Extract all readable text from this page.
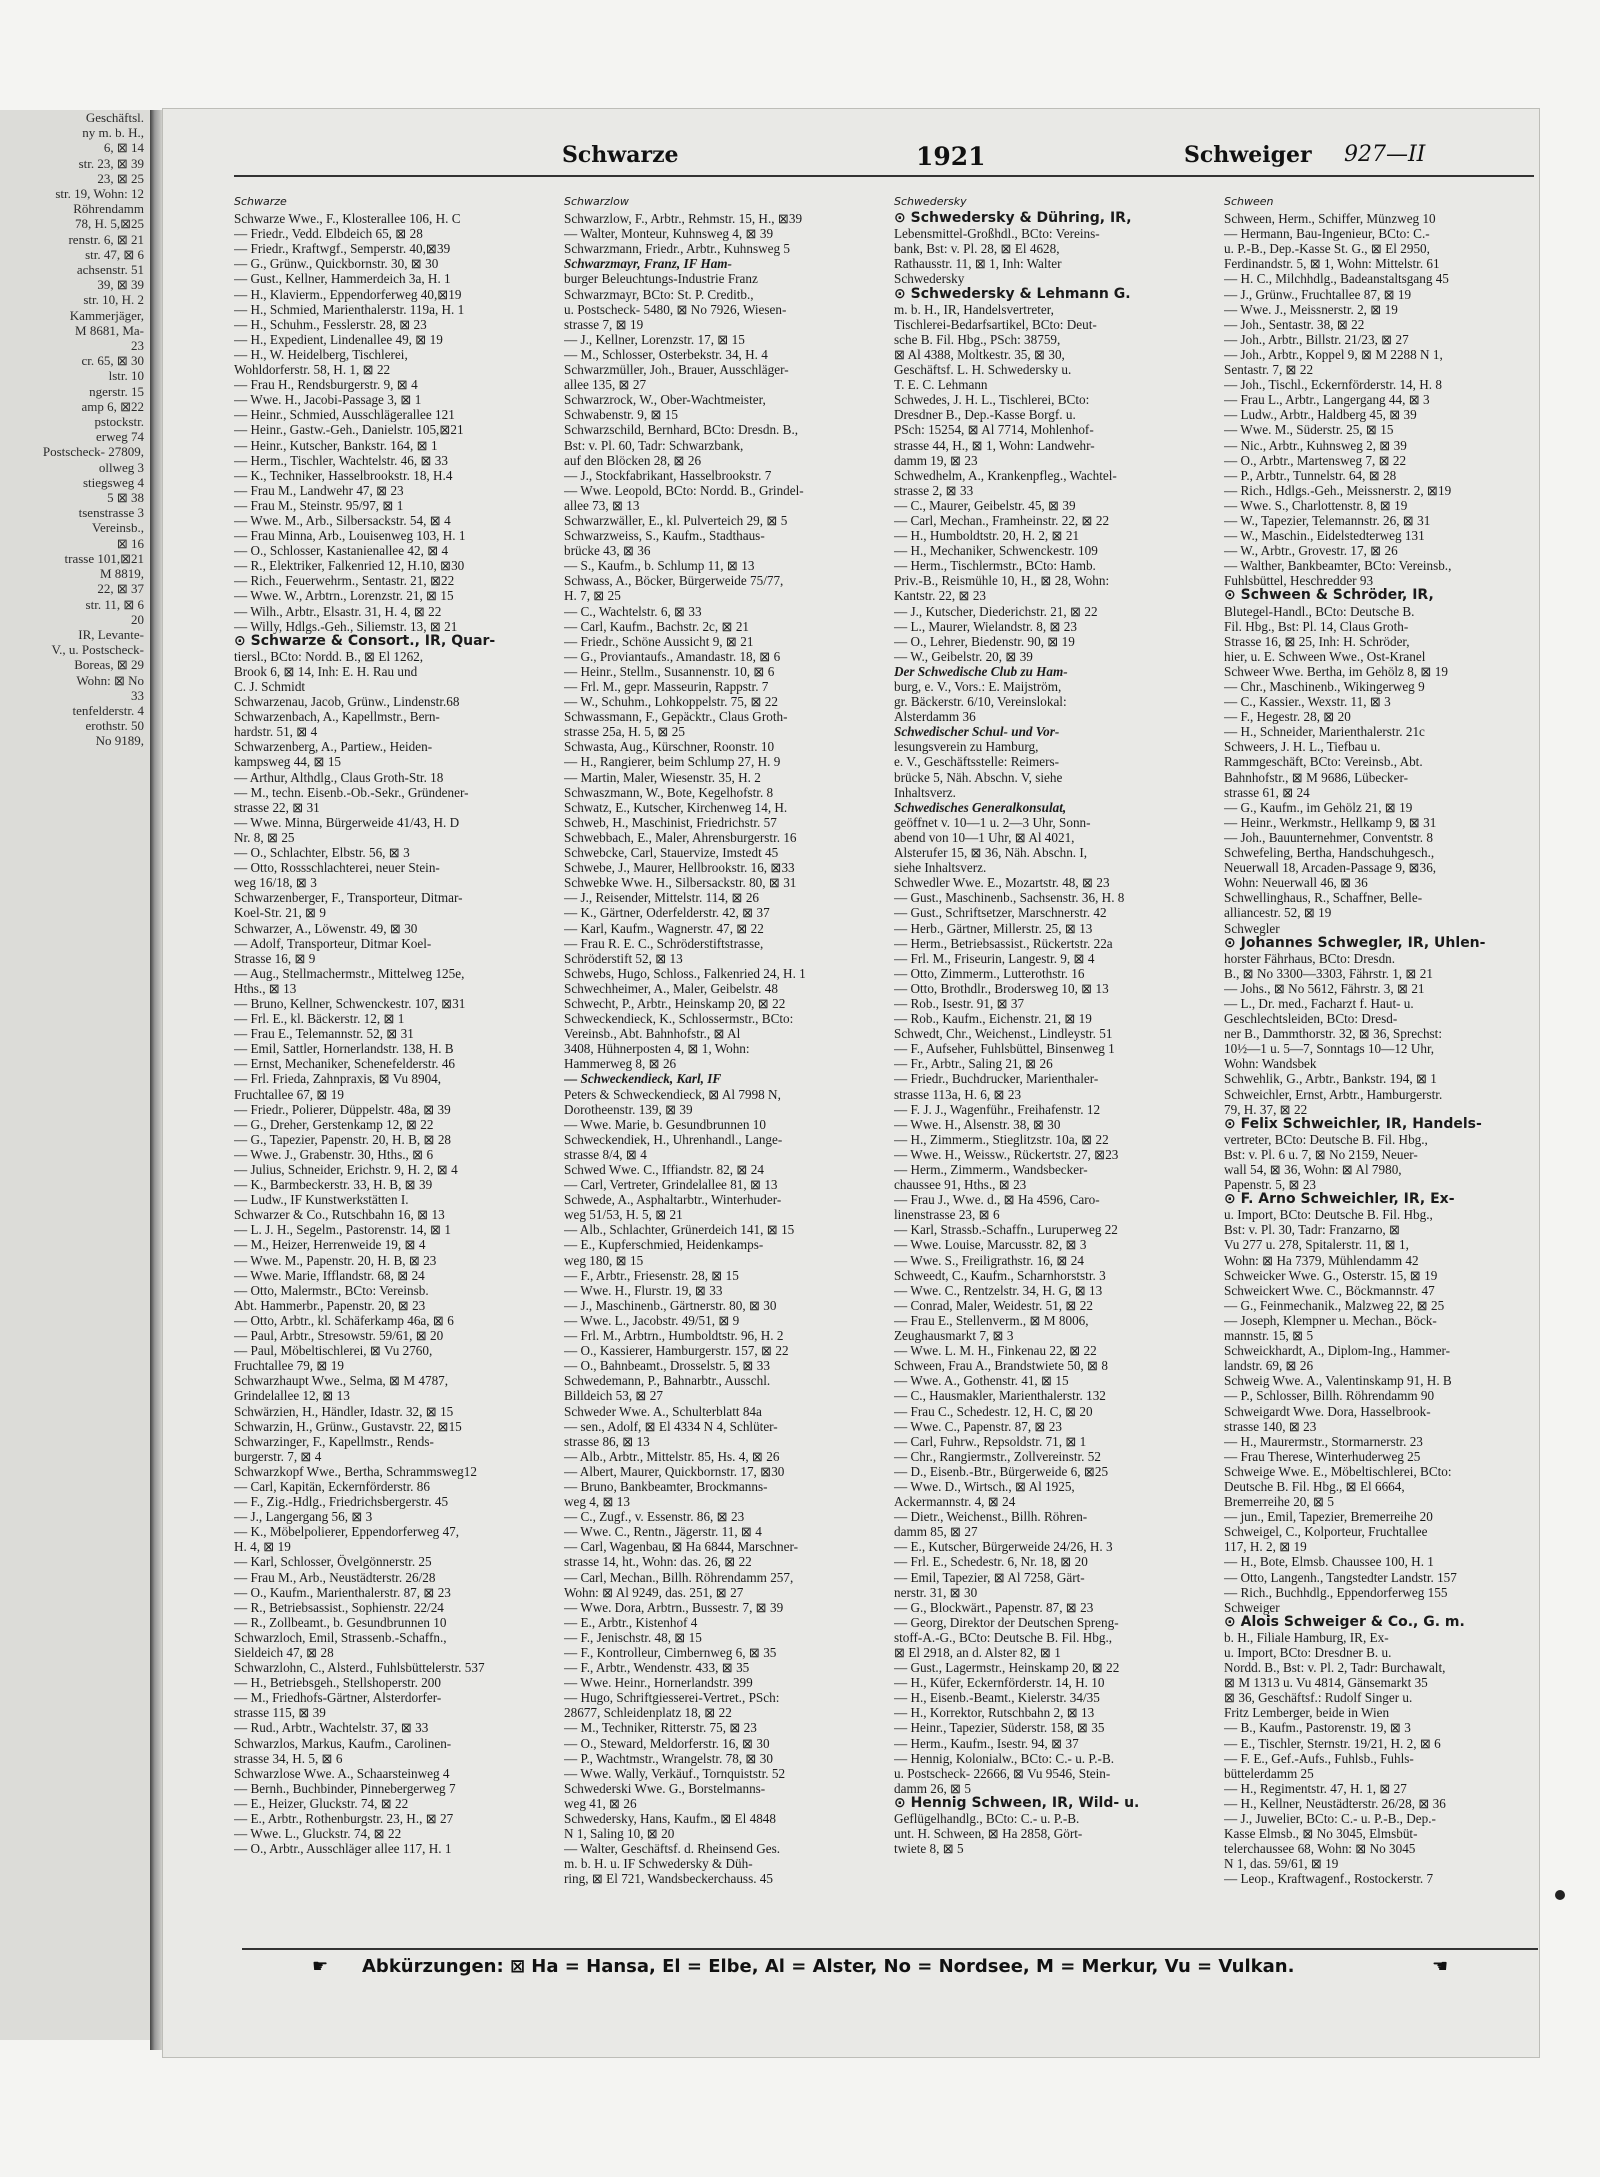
Geschäftsl.
ny m. b. H.,
6, ⊠ 14
str. 23, ⊠ 39
23, ⊠ 25
str. 19, Wohn: 12
Röhrendamm
78, H. 5,⊠25
renstr. 6, ⊠ 21
str. 47, ⊠ 6
achsenstr. 51
39, ⊠ 39
str. 10, H. 2
Kammerjäger,
M 8681, Ma-
23
cr. 65, ⊠ 30
lstr. 10
ngerstr. 15
amp 6, ⊠22
pstockstr.
erweg 74
Postscheck- 27809,
ollweg 3
stiegsweg 4
5 ⊠ 38
tsenstrasse 3
Vereinsb.,
⊠ 16
trasse 101,⊠21
M 8819,
22, ⊠ 37
str. 11, ⊠ 6
20
IR, Levante-
V., u. Postscheck-
Boreas, ⊠ 29
Wohn: ⊠ No
33
tenfelderstr. 4
erothstr. 50
No 9189,
Schwarze	1921	Schweiger 927—II
Schwarze
Schwarze Wwe., F., Klosterallee 106, H. C
— Friedr., Vedd. Elbdeich 65, ⊠ 28
— Friedr., Kraftwgf., Semperstr. 40,⊠39
— G., Grünw., Quickbornstr. 30, ⊠ 30
— Gust., Kellner, Hammerdeich 3a, H. 1
— H., Klavierm., Eppendorferweg 40,⊠19
— H., Schmied, Marienthalerstr. 119a, H. 1
— H., Schuhm., Fesslerstr. 28, ⊠ 23
— H., Expedient, Lindenallee 49, ⊠ 19
— H., W. Heidelberg, Tischlerei,
Wohldorferstr. 58, H. 1, ⊠ 22
— Frau H., Rendsburgerstr. 9, ⊠ 4
— Wwe. H., Jacobi-Passage 3, ⊠ 1
— Heinr., Schmied, Ausschlägerallee 121
— Heinr., Gastw.-Geh., Danielstr. 105,⊠21
— Heinr., Kutscher, Bankstr. 164, ⊠ 1
— Herm., Tischler, Wachtelstr. 46, ⊠ 33
— K., Techniker, Hasselbrookstr. 18, H.4
— Frau M., Landwehr 47, ⊠ 23
— Frau M., Steinstr. 95/97, ⊠ 1
— Wwe. M., Arb., Silbersackstr. 54, ⊠ 4
— Frau Minna, Arb., Louisenweg 103, H. 1
— O., Schlosser, Kastanienallee 42, ⊠ 4
— R., Elektriker, Falkenried 12, H.10, ⊠30
— Rich., Feuerwehrm., Sentastr. 21, ⊠22
— Wwe. W., Arbtrn., Lorenzstr. 21, ⊠ 15
— Wilh., Arbtr., Elsastr. 31, H. 4, ⊠ 22
— Willy, Hdlgs.-Geh., Siliemstr. 13, ⊠ 21
⊙ Schwarze & Consort., IR, Quar-
tiersl., BCto: Nordd. B., ⊠ El 1262,
Brook 6, ⊠ 14, Inh: E. H. Rau und
C. J. Schmidt
Schwarzenau, Jacob, Grünw., Lindenstr.68
Schwarzenbach, A., Kapellmstr., Bern-
hardstr. 51, ⊠ 4
Schwarzenberg, A., Partiew., Heiden-
kampsweg 44, ⊠ 15
— Arthur, Althdlg., Claus Groth-Str. 18
— M., techn. Eisenb.-Ob.-Sekr., Gründener-
strasse 22, ⊠ 31
— Wwe. Minna, Bürgerweide 41/43, H. D
Nr. 8, ⊠ 25
— O., Schlachter, Elbstr. 56, ⊠ 3
— Otto, Rossschlachterei, neuer Stein-
weg 16/18, ⊠ 3
Schwarzenberger, F., Transporteur, Ditmar-
Koel-Str. 21, ⊠ 9
Schwarzer, A., Löwenstr. 49, ⊠ 30
— Adolf, Transporteur, Ditmar Koel-
Strasse 16, ⊠ 9
— Aug., Stellmachermstr., Mittelweg 125e,
Hths., ⊠ 13
— Bruno, Kellner, Schwenckestr. 107, ⊠31
— Frl. E., kl. Bäckerstr. 12, ⊠ 1
— Frau E., Telemannstr. 52, ⊠ 31
— Emil, Sattler, Hornerlandstr. 138, H. B
— Ernst, Mechaniker, Schenefelderstr. 46
— Frl. Frieda, Zahnpraxis, ⊠ Vu 8904,
Fruchtallee 67, ⊠ 19
— Friedr., Polierer, Düppelstr. 48a, ⊠ 39
— G., Dreher, Gerstenkamp 12, ⊠ 22
— G., Tapezier, Papenstr. 20, H. B, ⊠ 28
— Wwe. J., Grabenstr. 30, Hths., ⊠ 6
— Julius, Schneider, Erichstr. 9, H. 2, ⊠ 4
— K., Barmbeckerstr. 33, H. B, ⊠ 39
— Ludw., IF Kunstwerkstätten I.
Schwarzer & Co., Rutschbahn 16, ⊠ 13
— L. J. H., Segelm., Pastorenstr. 14, ⊠ 1
— M., Heizer, Herrenweide 19, ⊠ 4
— Wwe. M., Papenstr. 20, H. B, ⊠ 23
— Wwe. Marie, Ifflandstr. 68, ⊠ 24
— Otto, Malermstr., BCto: Vereinsb.
Abt. Hammerbr., Papenstr. 20, ⊠ 23
— Otto, Arbtr., kl. Schäferkamp 46a, ⊠ 6
— Paul, Arbtr., Stresowstr. 59/61, ⊠ 20
— Paul, Möbeltischlerei, ⊠ Vu 2760,
Fruchtallee 79, ⊠ 19
Schwarzhaupt Wwe., Selma, ⊠ M 4787,
Grindelallee 12, ⊠ 13
Schwärzien, H., Händler, Idastr. 32, ⊠ 15
Schwarzin, H., Grünw., Gustavstr. 22, ⊠15
Schwarzinger, F., Kapellmstr., Rends-
burgerstr. 7, ⊠ 4
Schwarzkopf Wwe., Bertha, Schrammsweg12
— Carl, Kapitän, Eckernförderstr. 86
— F., Zig.-Hdlg., Friedrichsbergerstr. 45
— J., Langergang 56, ⊠ 3
— K., Möbelpolierer, Eppendorferweg 47,
H. 4, ⊠ 19
— Karl, Schlosser, Övelgönnerstr. 25
— Frau M., Arb., Neustädterstr. 26/28
— O., Kaufm., Marienthalerstr. 87, ⊠ 23
— R., Betriebsassist., Sophienstr. 22/24
— R., Zollbeamt., b. Gesundbrunnen 10
Schwarzloch, Emil, Strassenb.-Schaffn.,
Sieldeich 47, ⊠ 28
Schwarzlohn, C., Alsterd., Fuhlsbüttelerstr. 537
— H., Betriebsgeh., Stellshoperstr. 200
— M., Friedhofs-Gärtner, Alsterdorfer-
strasse 115, ⊠ 39
— Rud., Arbtr., Wachtelstr. 37, ⊠ 33
Schwarzlos, Markus, Kaufm., Carolinen-
strasse 34, H. 5, ⊠ 6
Schwarzlose Wwe. A., Schaarsteinweg 4
— Bernh., Buchbinder, Pinnebergerweg 7
— E., Heizer, Gluckstr. 74, ⊠ 22
— E., Arbtr., Rothenburgstr. 23, H., ⊠ 27
— Wwe. L., Gluckstr. 74, ⊠ 22
— O., Arbtr., Ausschläger allee 117, H. 1
Schwarzlow
Schwarzlow, F., Arbtr., Rehmstr. 15, H., ⊠39
— Walter, Monteur, Kuhnsweg 4, ⊠ 39
Schwarzmann, Friedr., Arbtr., Kuhnsweg 5
Schwarzmayr, Franz, IF Ham-
burger Beleuchtungs-Industrie Franz
Schwarzmayr, BCto: St. P. Creditb.,
u. Postscheck- 5480, ⊠ No 7926, Wiesen-
strasse 7, ⊠ 19
— J., Kellner, Lorenzstr. 17, ⊠ 15
— M., Schlosser, Osterbekstr. 34, H. 4
Schwarzmüller, Joh., Brauer, Ausschläger-
allee 135, ⊠ 27
Schwarzrock, W., Ober-Wachtmeister,
Schwabenstr. 9, ⊠ 15
Schwarzschild, Bernhard, BCto: Dresdn. B.,
Bst: v. Pl. 60, Tadr: Schwarzbank,
auf den Blöcken 28, ⊠ 26
— J., Stockfabrikant, Hasselbrookstr. 7
— Wwe. Leopold, BCto: Nordd. B., Grindel-
allee 73, ⊠ 13
Schwarzwäller, E., kl. Pulverteich 29, ⊠ 5
Schwarzweiss, S., Kaufm., Stadthaus-
brücke 43, ⊠ 36
— S., Kaufm., b. Schlump 11, ⊠ 13
Schwass, A., Böcker, Bürgerweide 75/77,
H. 7, ⊠ 25
— C., Wachtelstr. 6, ⊠ 33
— Carl, Kaufm., Bachstr. 2c, ⊠ 21
— Friedr., Schöne Aussicht 9, ⊠ 21
— G., Proviantaufs., Amandastr. 18, ⊠ 6
— Heinr., Stellm., Susannenstr. 10, ⊠ 6
— Frl. M., gepr. Masseurin, Rappstr. 7
— W., Schuhm., Lohkoppelstr. 75, ⊠ 22
Schwassmann, F., Gepäcktr., Claus Groth-
strasse 25a, H. 5, ⊠ 25
Schwasta, Aug., Kürschner, Roonstr. 10
— H., Rangierer, beim Schlump 27, H. 9
— Martin, Maler, Wiesenstr. 35, H. 2
Schwaszmann, W., Bote, Kegelhofstr. 8
Schwatz, E., Kutscher, Kirchenweg 14, H.
Schweb, H., Maschinist, Friedrichstr. 57
Schwebbach, E., Maler, Ahrensburgerstr. 16
Schwebcke, Carl, Stauervize, Imstedt 45
Schwebe, J., Maurer, Hellbrookstr. 16, ⊠33
Schwebke Wwe. H., Silbersackstr. 80, ⊠ 31
— J., Reisender, Mittelstr. 114, ⊠ 26
— K., Gärtner, Oderfelderstr. 42, ⊠ 37
— Karl, Kaufm., Wagnerstr. 47, ⊠ 22
— Frau R. E. C., Schröderstiftstrasse,
Schröderstift 52, ⊠ 13
Schwebs, Hugo, Schloss., Falkenried 24, H. 1
Schwechheimer, A., Maler, Geibelstr. 48
Schwecht, P., Arbtr., Heinskamp 20, ⊠ 22
Schweckendieck, K., Schlossermstr., BCto:
Vereinsb., Abt. Bahnhofstr., ⊠ Al
3408, Hühnerposten 4, ⊠ 1, Wohn:
Hammerweg 8, ⊠ 26
— Schweckendieck, Karl, IF
Peters & Schweckendieck, ⊠ Al 7998 N,
Dorotheenstr. 139, ⊠ 39
— Wwe. Marie, b. Gesundbrunnen 10
Schweckendiek, H., Uhrenhandl., Lange-
strasse 8/4, ⊠ 4
Schwed Wwe. C., Iffiandstr. 82, ⊠ 24
— Carl, Vertreter, Grindelallee 81, ⊠ 13
Schwede, A., Asphaltarbtr., Winterhuder-
weg 51/53, H. 5, ⊠ 21
— Alb., Schlachter, Grünerdeich 141, ⊠ 15
— E., Kupferschmied, Heidenkamps-
weg 180, ⊠ 15
— F., Arbtr., Friesenstr. 28, ⊠ 15
— Wwe. H., Flurstr. 19, ⊠ 33
— J., Maschinenb., Gärtnerstr. 80, ⊠ 30
— Wwe. L., Jacobstr. 49/51, ⊠ 9
— Frl. M., Arbtrn., Humboldtstr. 96, H. 2
— O., Kassierer, Hamburgerstr. 157, ⊠ 22
— O., Bahnbeamt., Drosselstr. 5, ⊠ 33
Schwedemann, P., Bahnarbtr., Ausschl.
Billdeich 53, ⊠ 27
Schweder Wwe. A., Schulterblatt 84a
— sen., Adolf, ⊠ El 4334 N 4, Schlüter-
strasse 86, ⊠ 13
— Alb., Arbtr., Mittelstr. 85, Hs. 4, ⊠ 26
— Albert, Maurer, Quickbornstr. 17, ⊠30
— Bruno, Bankbeamter, Brockmanns-
weg 4, ⊠ 13
— C., Zugf., v. Essenstr. 86, ⊠ 23
— Wwe. C., Rentn., Jägerstr. 11, ⊠ 4
— Carl, Wagenbau, ⊠ Ha 6844, Marschner-
strasse 14, ht., Wohn: das. 26, ⊠ 22
— Carl, Mechan., Billh. Röhrendamm 257,
Wohn: ⊠ Al 9249, das. 251, ⊠ 27
— Wwe. Dora, Arbtrn., Bussestr. 7, ⊠ 39
— E., Arbtr., Kistenhof 4
— F., Jenischstr. 48, ⊠ 15
— F., Kontrolleur, Cimbernweg 6, ⊠ 35
— F., Arbtr., Wendenstr. 433, ⊠ 35
— Wwe. Heinr., Hornerlandstr. 399
— Hugo, Schriftgiesserei-Vertret., PSch:
28677, Schleidenplatz 18, ⊠ 22
— M., Techniker, Ritterstr. 75, ⊠ 23
— O., Steward, Meldorferstr. 16, ⊠ 30
— P., Wachtmstr., Wrangelstr. 78, ⊠ 30
— Wwe. Wally, Verkäuf., Tornquiststr. 52
Schwederski Wwe. G., Borstelmanns-
weg 41, ⊠ 26
Schwedersky, Hans, Kaufm., ⊠ El 4848
N 1, Saling 10, ⊠ 20
— Walter, Geschäftsf. d. Rheinsend Ges.
m. b. H. u. IF Schwedersky & Düh-
ring, ⊠ El 721, Wandsbeckerchauss. 45
Schwedersky
⊙ Schwedersky & Dühring, IR,
Lebensmittel-Großhdl., BCto: Vereins-
bank, Bst: v. Pl. 28, ⊠ El 4628,
Rathausstr. 11, ⊠ 1, Inh: Walter
Schwedersky
⊙ Schwedersky & Lehmann G.
m. b. H., IR, Handelsvertreter,
Tischlerei-Bedarfsartikel, BCto: Deut-
sche B. Fil. Hbg., PSch: 38759,
⊠ Al 4388, Moltkestr. 35, ⊠ 30,
Geschäftsf. L. H. Schwedersky u.
T. E. C. Lehmann
Schwedes, J. H. L., Tischlerei, BCto:
Dresdner B., Dep.-Kasse Borgf. u.
PSch: 15254, ⊠ Al 7714, Mohlenhof-
strasse 44, H., ⊠ 1, Wohn: Landwehr-
damm 19, ⊠ 23
Schwedhelm, A., Krankenpfleg., Wachtel-
strasse 2, ⊠ 33
— C., Maurer, Geibelstr. 45, ⊠ 39
— Carl, Mechan., Framheinstr. 22, ⊠ 22
— H., Humboldtstr. 20, H. 2, ⊠ 21
— H., Mechaniker, Schwenckestr. 109
— Herm., Tischlermstr., BCto: Hamb.
Priv.-B., Reismühle 10, H., ⊠ 28, Wohn:
Kantstr. 22, ⊠ 23
— J., Kutscher, Diederichstr. 21, ⊠ 22
— L., Maurer, Wielandstr. 8, ⊠ 23
— O., Lehrer, Biedenstr. 90, ⊠ 19
— W., Geibelstr. 20, ⊠ 39
Der Schwedische Club zu Ham-
burg, e. V., Vors.: E. Maijström,
gr. Bäckerstr. 6/10, Vereinslokal:
Alsterdamm 36
Schwedischer Schul- und Vor-
lesungsverein zu Hamburg,
e. V., Geschäftsstelle: Reimers-
brücke 5, Näh. Abschn. V, siehe
Inhaltsverz.
Schwedisches Generalkonsulat,
geöffnet v. 10—1 u. 2—3 Uhr, Sonn-
abend von 10—1 Uhr, ⊠ Al 4021,
Alsterufer 15, ⊠ 36, Näh. Abschn. I,
siehe Inhaltsverz.
Schwedler Wwe. E., Mozartstr. 48, ⊠ 23
— Gust., Maschinenb., Sachsenstr. 36, H. 8
— Gust., Schriftsetzer, Marschnerstr. 42
— Herb., Gärtner, Millerstr. 25, ⊠ 13
— Herm., Betriebsassist., Rückertstr. 22a
— Frl. M., Friseurin, Langestr. 9, ⊠ 4
— Otto, Zimmerm., Lutterothstr. 16
— Otto, Brothdlr., Brodersweg 10, ⊠ 13
— Rob., Isestr. 91, ⊠ 37
— Rob., Kaufm., Eichenstr. 21, ⊠ 19
Schwedt, Chr., Weichenst., Lindleystr. 51
— F., Aufseher, Fuhlsbüttel, Binsenweg 1
— Fr., Arbtr., Saling 21, ⊠ 26
— Friedr., Buchdrucker, Marienthaler-
strasse 113a, H. 6, ⊠ 23
— F. J. J., Wagenführ., Freihafenstr. 12
— Wwe. H., Alsenstr. 38, ⊠ 30
— H., Zimmerm., Stieglitzstr. 10a, ⊠ 22
— Wwe. H., Weissw., Rückertstr. 27, ⊠23
— Herm., Zimmerm., Wandsbecker-
chaussee 91, Hths., ⊠ 23
— Frau J., Wwe. d., ⊠ Ha 4596, Caro-
linenstrasse 23, ⊠ 6
— Karl, Strassb.-Schaffn., Luruperweg 22
— Wwe. Louise, Marcusstr. 82, ⊠ 3
— Wwe. S., Freiligrathstr. 16, ⊠ 24
Schweedt, C., Kaufm., Scharnhorststr. 3
— Wwe. C., Rentzelstr. 34, H. G, ⊠ 13
— Conrad, Maler, Weidestr. 51, ⊠ 22
— Frau E., Stellenverm., ⊠ M 8006,
Zeughausmarkt 7, ⊠ 3
— Wwe. L. M. H., Finkenau 22, ⊠ 22
Schween, Frau A., Brandstwiete 50, ⊠ 8
— Wwe. A., Gothenstr. 41, ⊠ 15
— C., Hausmakler, Marienthalerstr. 132
— Frau C., Schedestr. 12, H. C, ⊠ 20
— Wwe. C., Papenstr. 87, ⊠ 23
— Carl, Fuhrw., Repsoldstr. 71, ⊠ 1
— Chr., Rangiermstr., Zollvereinstr. 52
— D., Eisenb.-Btr., Bürgerweide 6, ⊠25
— Wwe. D., Wirtsch., ⊠ Al 1925,
Ackermannstr. 4, ⊠ 24
— Dietr., Weichenst., Billh. Röhren-
damm 85, ⊠ 27
— E., Kutscher, Bürgerweide 24/26, H. 3
— Frl. E., Schedestr. 6, Nr. 18, ⊠ 20
— Emil, Tapezier, ⊠ Al 7258, Gärt-
nerstr. 31, ⊠ 30
— G., Blockwärt., Papenstr. 87, ⊠ 23
— Georg, Direktor der Deutschen Spreng-
stoff-A.-G., BCto: Deutsche B. Fil. Hbg.,
⊠ El 2918, an d. Alster 82, ⊠ 1
— Gust., Lagermstr., Heinskamp 20, ⊠ 22
— H., Küfer, Eckernförderstr. 14, H. 10
— H., Eisenb.-Beamt., Kielerstr. 34/35
— H., Korrektor, Rutschbahn 2, ⊠ 13
— Heinr., Tapezier, Süderstr. 158, ⊠ 35
— Herm., Kaufm., Isestr. 94, ⊠ 37
— Hennig, Kolonialw., BCto: C.- u. P.-B.
u. Postscheck- 22666, ⊠ Vu 9546, Stein-
damm 26, ⊠ 5
⊙ Hennig Schween, IR, Wild- u.
Geflügelhandlg., BCto: C.- u. P.-B.
unt. H. Schween, ⊠ Ha 2858, Gört-
twiete 8, ⊠ 5
Schween
Schween, Herm., Schiffer, Münzweg 10
— Hermann, Bau-Ingenieur, BCto: C.-
u. P.-B., Dep.-Kasse St. G., ⊠ El 2950,
Ferdinandstr. 5, ⊠ 1, Wohn: Mittelstr. 61
— H. C., Milchhdlg., Badeanstaltsgang 45
— J., Grünw., Fruchtallee 87, ⊠ 19
— Wwe. J., Meissnerstr. 2, ⊠ 19
— Joh., Sentastr. 38, ⊠ 22
— Joh., Arbtr., Billstr. 21/23, ⊠ 27
— Joh., Arbtr., Koppel 9, ⊠ M 2288 N 1,
Sentastr. 7, ⊠ 22
— Joh., Tischl., Eckernförderstr. 14, H. 8
— Frau L., Arbtr., Langergang 44, ⊠ 3
— Ludw., Arbtr., Haldberg 45, ⊠ 39
— Wwe. M., Süderstr. 25, ⊠ 15
— Nic., Arbtr., Kuhnsweg 2, ⊠ 39
— O., Arbtr., Martensweg 7, ⊠ 22
— P., Arbtr., Tunnelstr. 64, ⊠ 28
— Rich., Hdlgs.-Geh., Meissnerstr. 2, ⊠19
— Wwe. S., Charlottenstr. 8, ⊠ 19
— W., Tapezier, Telemannstr. 26, ⊠ 31
— W., Maschin., Eidelstedterweg 131
— W., Arbtr., Grovestr. 17, ⊠ 26
— Walther, Bankbeamter, BCto: Vereinsb.,
Fuhlsbüttel, Heschredder 93
⊙ Schween & Schröder, IR,
Blutegel-Handl., BCto: Deutsche B.
Fil. Hbg., Bst: Pl. 14, Claus Groth-
Strasse 16, ⊠ 25, Inh: H. Schröder,
hier, u. E. Schween Wwe., Ost-Kranel
Schweer Wwe. Bertha, im Gehölz 8, ⊠ 19
— Chr., Maschinenb., Wikingerweg 9
— C., Kassier., Wexstr. 11, ⊠ 3
— F., Hegestr. 28, ⊠ 20
— H., Schneider, Marienthalerstr. 21c
Schweers, J. H. L., Tiefbau u.
Rammgeschäft, BCto: Vereinsb., Abt.
Bahnhofstr., ⊠ M 9686, Lübecker-
strasse 61, ⊠ 24
— G., Kaufm., im Gehölz 21, ⊠ 19
— Heinr., Werkmstr., Hellkamp 9, ⊠ 31
— Joh., Bauunternehmer, Conventstr. 8
Schwefeling, Bertha, Handschuhgesch.,
Neuerwall 18, Arcaden-Passage 9, ⊠36,
Wohn: Neuerwall 46, ⊠ 36
Schwellinghaus, R., Schaffner, Belle-
alliancestr. 52, ⊠ 19
Schwegler
⊙ Johannes Schwegler, IR, Uhlen-
horster Fährhaus, BCto: Dresdn.
B., ⊠ No 3300—3303, Fährstr. 1, ⊠ 21
— Johs., ⊠ No 5612, Fährstr. 3, ⊠ 21
— L., Dr. med., Facharzt f. Haut- u.
Geschlechtsleiden, BCto: Dresd-
ner B., Dammthorstr. 32, ⊠ 36, Sprechst:
10½—1 u. 5—7, Sonntags 10—12 Uhr,
Wohn: Wandsbek
Schwehlik, G., Arbtr., Bankstr. 194, ⊠ 1
Schweichler, Ernst, Arbtr., Hamburgerstr.
79, H. 37, ⊠ 22
⊙ Felix Schweichler, IR, Handels-
vertreter, BCto: Deutsche B. Fil. Hbg.,
Bst: v. Pl. 6 u. 7, ⊠ No 2159, Neuer-
wall 54, ⊠ 36, Wohn: ⊠ Al 7980,
Papenstr. 5, ⊠ 23
⊙ F. Arno Schweichler, IR, Ex-
u. Import, BCto: Deutsche B. Fil. Hbg.,
Bst: v. Pl. 30, Tadr: Franzarno, ⊠
Vu 277 u. 278, Spitalerstr. 11, ⊠ 1,
Wohn: ⊠ Ha 7379, Mühlendamm 42
Schweicker Wwe. G., Osterstr. 15, ⊠ 19
Schweickert Wwe. C., Böckmannstr. 47
— G., Feinmechanik., Malzweg 22, ⊠ 25
— Joseph, Klempner u. Mechan., Böck-
mannstr. 15, ⊠ 5
Schweickhardt, A., Diplom-Ing., Hammer-
landstr. 69, ⊠ 26
Schweig Wwe. A., Valentinskamp 91, H. B
— P., Schlosser, Billh. Röhrendamm 90
Schweigardt Wwe. Dora, Hasselbrook-
strasse 140, ⊠ 23
— H., Maurermstr., Stormarnerstr. 23
— Frau Therese, Winterhuderweg 25
Schweige Wwe. E., Möbeltischlerei, BCto:
Deutsche B. Fil. Hbg., ⊠ El 6664,
Bremerreihe 20, ⊠ 5
— jun., Emil, Tapezier, Bremerreihe 20
Schweigel, C., Kolporteur, Fruchtallee
117, H. 2, ⊠ 19
— H., Bote, Elmsb. Chaussee 100, H. 1
— Otto, Langenh., Tangstedter Landstr. 157
— Rich., Buchhdlg., Eppendorferweg 155
Schweiger
⊙ Alois Schweiger & Co., G. m.
b. H., Filiale Hamburg, IR, Ex-
u. Import, BCto: Dresdner B. u.
Nordd. B., Bst: v. Pl. 2, Tadr: Burchawalt,
⊠ M 1313 u. Vu 4814, Gänsemarkt 35
⊠ 36, Geschäftsf.: Rudolf Singer u.
Fritz Lemberger, beide in Wien
— B., Kaufm., Pastorenstr. 19, ⊠ 3
— E., Tischler, Sternstr. 19/21, H. 2, ⊠ 6
— F. E., Gef.-Aufs., Fuhlsb., Fuhls-
büttelerdamm 25
— H., Regimentstr. 47, H. 1, ⊠ 27
— H., Kellner, Neustädterstr. 26/28, ⊠ 36
— J., Juwelier, BCto: C.- u. P.-B., Dep.-
Kasse Elmsb., ⊠ No 3045, Elmsbüt-
telerchaussee 68, Wohn: ⊠ No 3045
N 1, das. 59/61, ⊠ 19
— Leop., Kraftwagenf., Rostockerstr. 7
☛ Abkürzungen: ⊠ Ha = Hansa, El = Elbe, Al = Alster, No = Nordsee, M = Merkur, Vu = Vulkan.	☚
